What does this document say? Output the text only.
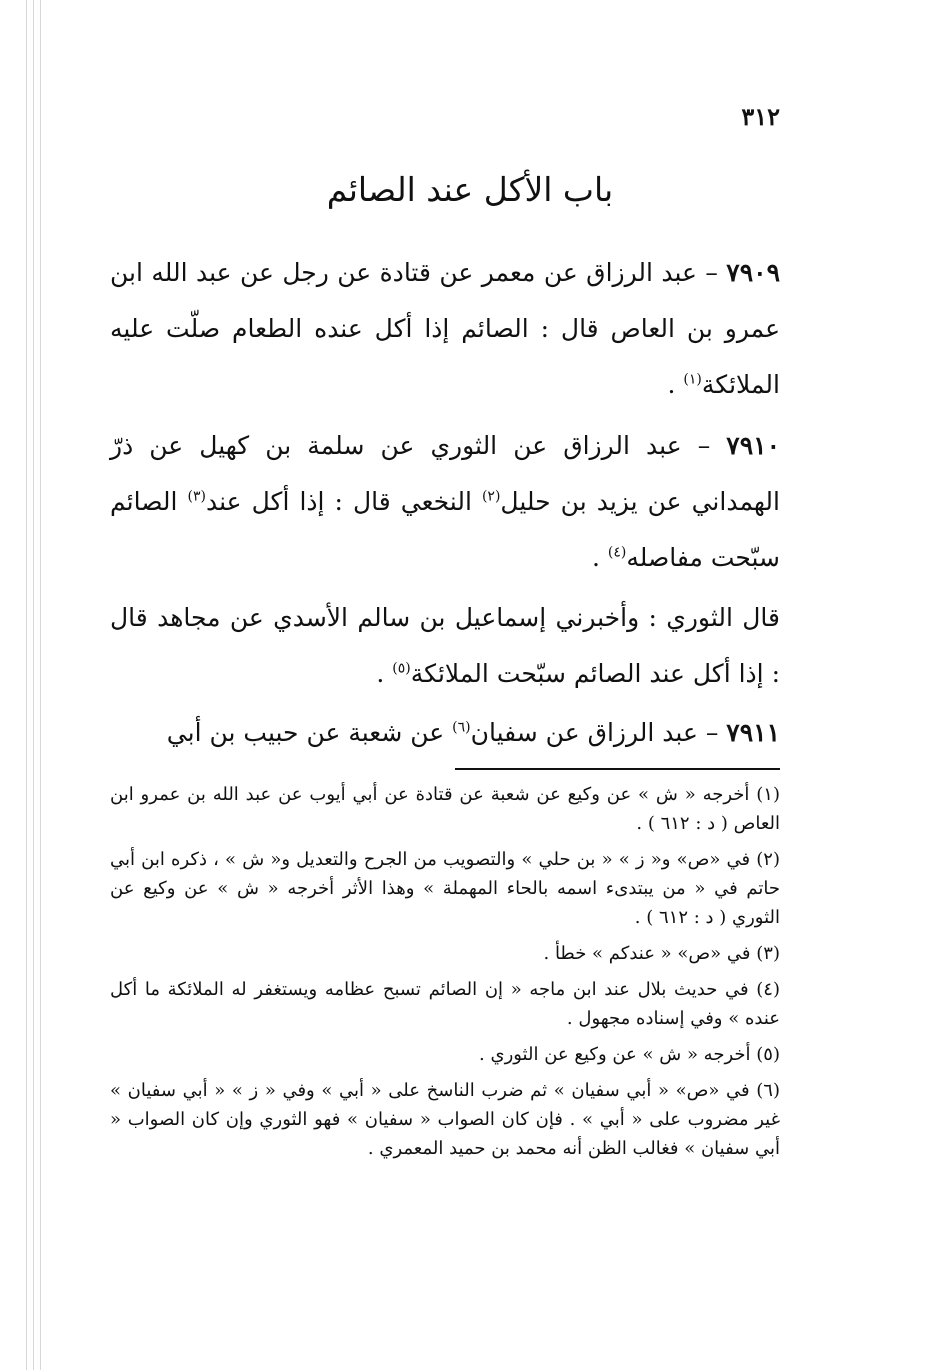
٣١٢
باب الأكل عند الصائم
٧٩٠٩ – عبد الرزاق عن معمر عن قتادة عن رجل عن عبد الله ابن عمرو بن العاص قال : الصائم إذا أكل عنده الطعام صلّت عليه الملائكة$^{(١)}$ .
٧٩١٠ – عبد الرزاق عن الثوري عن سلمة بن كهيل عن ذرّ الهمداني عن يزيد بن حليل$^{(٢)}$ النخعي قال : إذا أكل عند$^{(٣)}$ الصائم سبّحت مفاصله$^{(٤)}$ .
قال الثوري : وأخبرني إسماعيل بن سالم الأسدي عن مجاهد قال : إذا أكل عند الصائم سبّحت الملائكة$^{(٥)}$ .
٧٩١١ – عبد الرزاق عن سفيان$^{(٦)}$ عن شعبة عن حبيب بن أبي
(١) أخرجه « ش » عن وكيع عن شعبة عن قتادة عن أبي أيوب عن عبد الله بن عمرو ابن العاص ( د : ٦١٢ ) .
(٢) في «ص» و« ز » « بن حلي » والتصويب من الجرح والتعديل و« ش » ، ذكره ابن أبي حاتم في « من يبتدىء اسمه بالحاء المهملة » وهذا الأثر أخرجه « ش » عن وكيع عن الثوري ( د : ٦١٢ ) .
(٣) في «ص» « عندكم » خطأ .
(٤) في حديث بلال عند ابن ماجه « إن الصائم تسبح عظامه ويستغفر له الملائكة ما أكل عنده » وفي إسناده مجهول .
(٥) أخرجه « ش » عن وكيع عن الثوري .
(٦) في «ص» « أبي سفيان » ثم ضرب الناسخ على « أبي » وفي « ز » « أبي سفيان » غير مضروب على « أبي » . فإن كان الصواب « سفيان » فهو الثوري وإن كان الصواب « أبي سفيان » فغالب الظن أنه محمد بن حميد المعمري .
